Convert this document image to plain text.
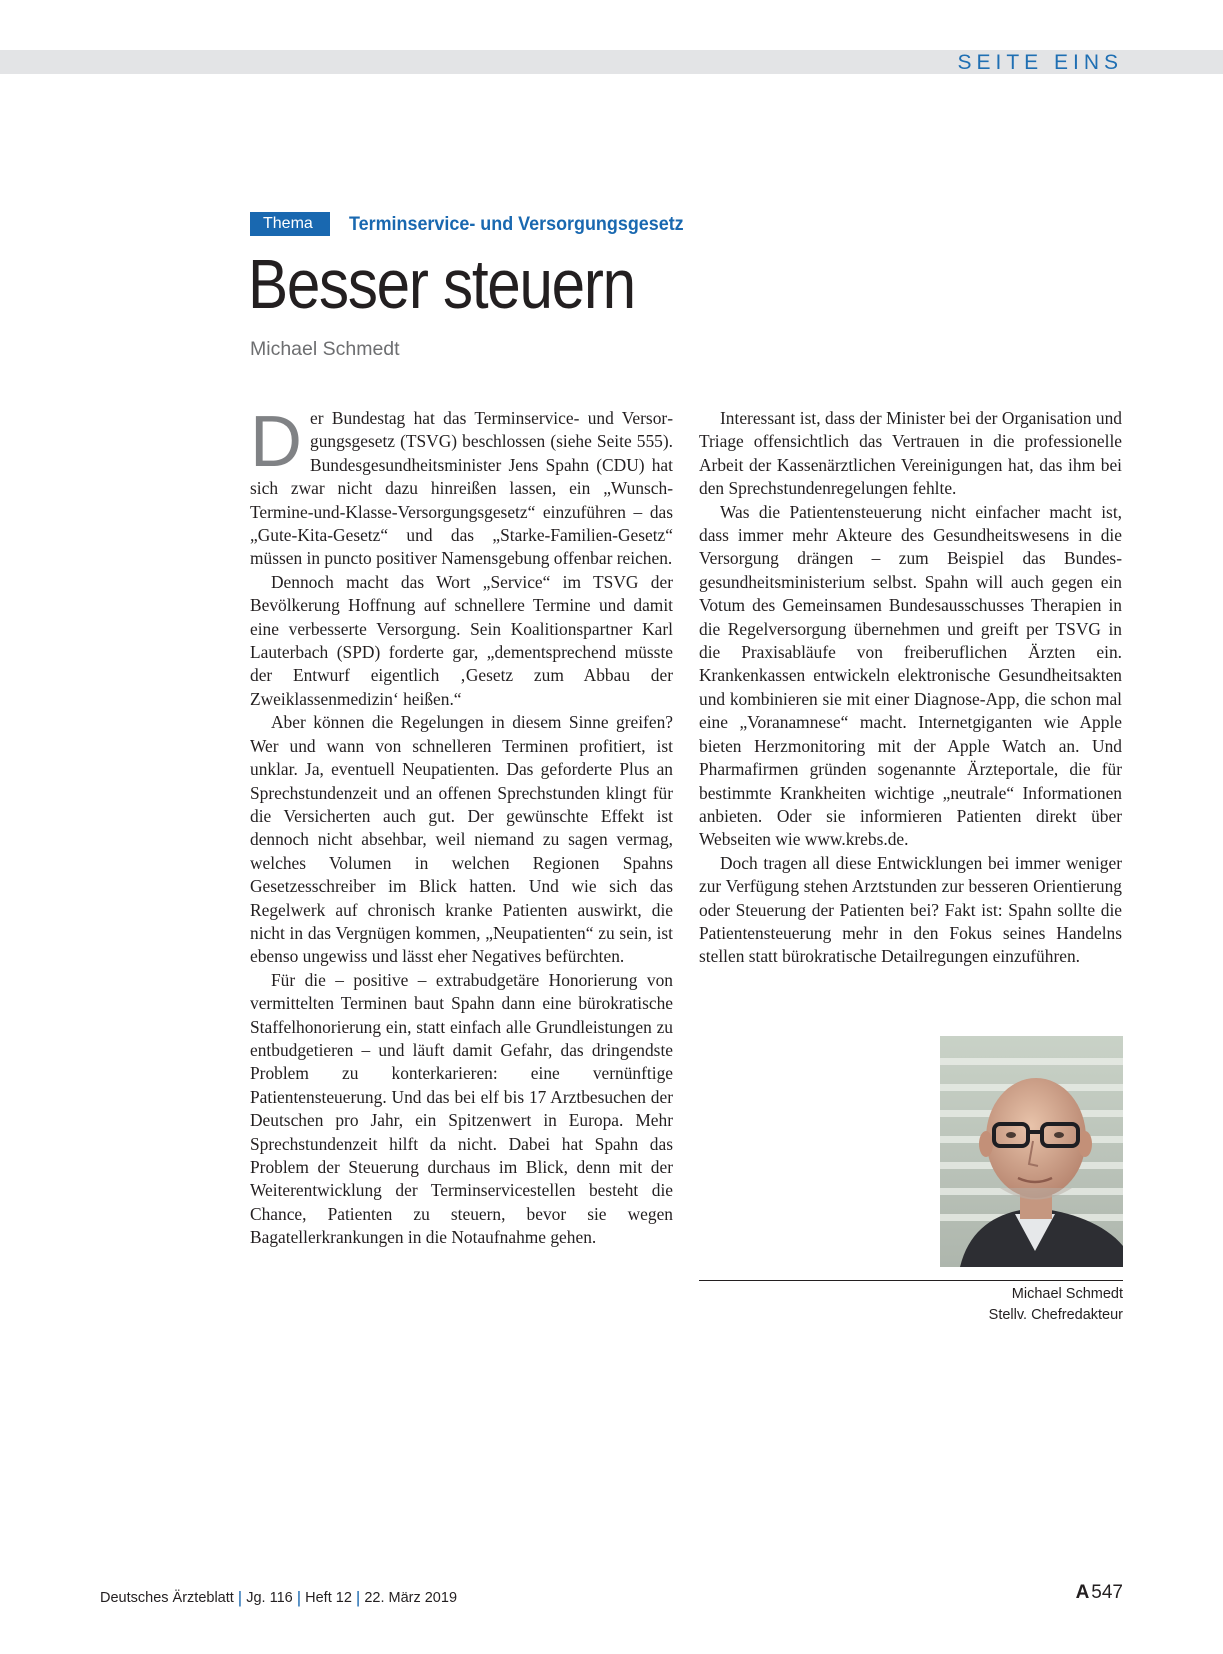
SEITE EINS
Thema	Terminservice- und Versorgungsgesetz
Besser steuern
Michael Schmedt

Der Bundestag hat das Terminservice- und Versorgungsgesetz (TSVG) beschlossen (siehe Seite 555). Bundesgesundheitsminister Jens Spahn (CDU) hat sich zwar nicht dazu hinreißen lassen, ein „Wunsch-Termine-und-Klasse-Versorgungsgesetz“ einzuführen – das „Gute-Kita-Gesetz“ und das „Starke-Familien-Gesetz“ müssen in puncto positiver Namensgebung offenbar reichen.

Dennoch macht das Wort „Service“ im TSVG der Bevölkerung Hoffnung auf schnellere Termine und damit eine verbesserte Versorgung. Sein Koalitionspartner Karl Lauterbach (SPD) forderte gar, „dementsprechend müsste der Entwurf eigentlich ‚Gesetz zum Abbau der Zweiklassenmedizin‘ heißen.“

Aber können die Regelungen in diesem Sinne greifen? Wer und wann von schnelleren Terminen profitiert, ist unklar. Ja, eventuell Neupatienten. Das geforderte Plus an Sprechstundenzeit und an offenen Sprechstunden klingt für die Versicherten auch gut. Der gewünschte Effekt ist dennoch nicht absehbar, weil niemand zu sagen vermag, welches Volumen in welchen Regionen Spahns Gesetzesschreiber im Blick hatten. Und wie sich das Regelwerk auf chronisch kranke Patienten auswirkt, die nicht in das Vergnügen kommen, „Neupatienten“ zu sein, ist ebenso ungewiss und lässt eher Negatives befürchten.

Für die – positive – extrabudgetäre Honorierung von vermittelten Terminen baut Spahn dann eine bürokratische Staffelhonorierung ein, statt einfach alle Grundleistungen zu entbudgetieren – und läuft damit Gefahr, das dringendste Problem zu konterkarieren: eine vernünftige Patientensteuerung. Und das bei elf bis 17 Arztbesuchen der Deutschen pro Jahr, ein Spitzenwert in Europa. Mehr Sprechstundenzeit hilft da nicht. Dabei hat Spahn das Problem der Steuerung durchaus im Blick, denn mit der Weiterentwicklung der Terminservicestellen besteht die Chance, Patienten zu steuern, bevor sie wegen Bagatellerkrankungen in die Notaufnahme gehen.

Interessant ist, dass der Minister bei der Organisation und Triage offensichtlich das Vertrauen in die professionelle Arbeit der Kassenärztlichen Vereinigungen hat, das ihm bei den Sprechstundenregelungen fehlte.

Was die Patientensteuerung nicht einfacher macht ist, dass immer mehr Akteure des Gesundheitswesens in die Versorgung drängen – zum Beispiel das Bundesgesundheitsministerium selbst. Spahn will auch gegen ein Votum des Gemeinsamen Bundesausschusses Therapien in die Regelversorgung übernehmen und greift per TSVG in die Praxisabläufe von freiberuflichen Ärzten ein. Krankenkassen entwickeln elektronische Gesundheitsakten und kombinieren sie mit einer Diagnose-App, die schon mal eine „Voranamnese“ macht. Internetgiganten wie Apple bieten Herzmonitoring mit der Apple Watch an. Und Pharmafirmen gründen sogenannte Ärzteportale, die für bestimmte Krankheiten wichtige „neutrale“ Informationen anbieten. Oder sie informieren Patienten direkt über Webseiten wie www.krebs.de.

Doch tragen all diese Entwicklungen bei immer weniger zur Verfügung stehen Arztstunden zur besseren Orientierung oder Steuerung der Patienten bei? Fakt ist: Spahn sollte die Patientensteuerung mehr in den Fokus seines Handelns stellen statt bürokratische Detailregungen einzuführen.

Michael Schmedt
Stellv. Chefredakteur
Deutsches Ärzteblatt | Jg. 116 | Heft 12 | 22. März 2019	A 547
